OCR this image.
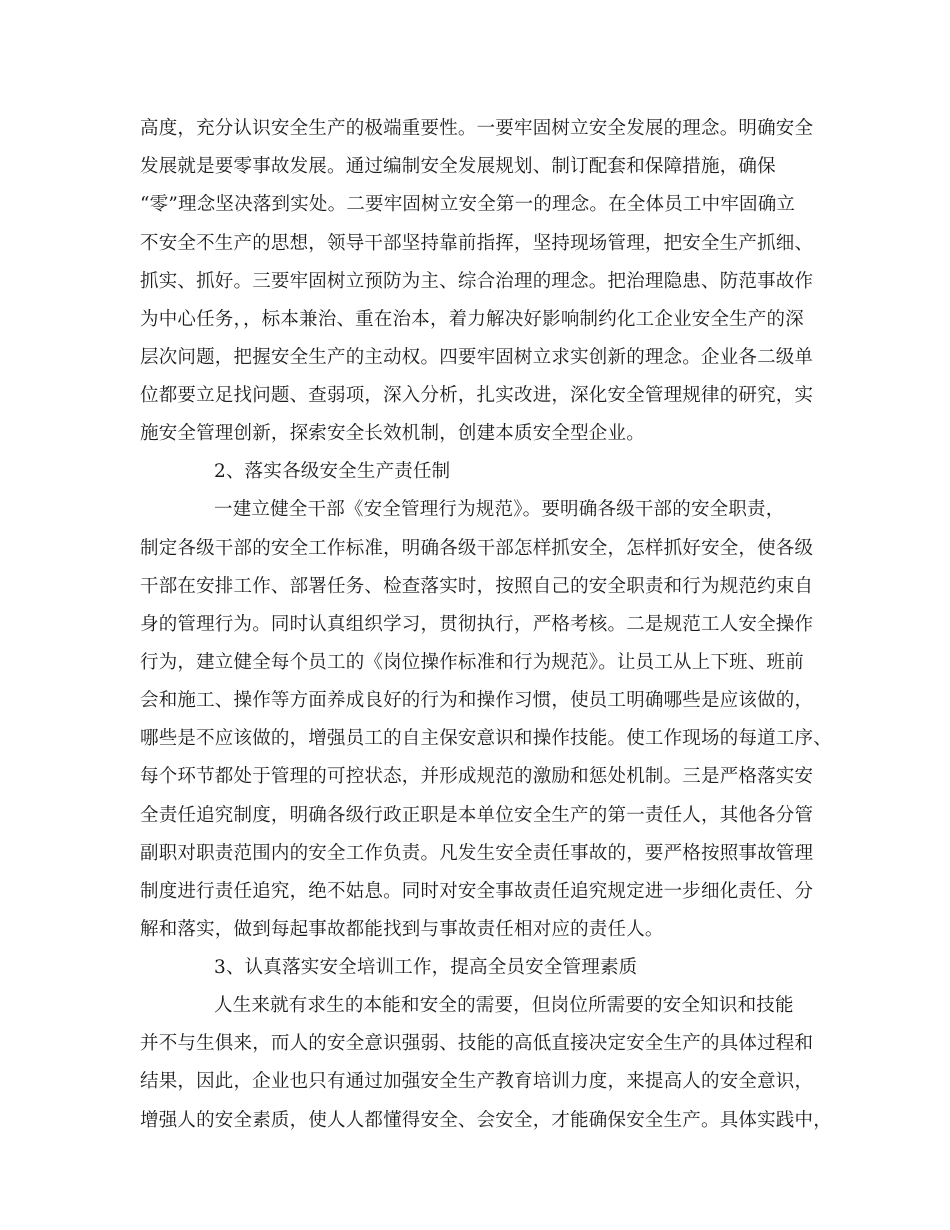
高度，充分认识安全生产的极端重要性。一要牢固树立安全发展的理念。明确安全
发展就是要零事故发展。通过编制安全发展规划、制订配套和保障措施，确保
“零”理念坚决落到实处。二要牢固树立安全第一的理念。在全体员工中牢固确立
不安全不生产的思想，领导干部坚持靠前指挥，坚持现场管理，把安全生产抓细、
抓实、抓好。三要牢固树立预防为主、综合治理的理念。把治理隐患、防范事故作
为中心任务，，标本兼治、重在治本，着力解决好影响制约化工企业安全生产的深
层次问题，把握安全生产的主动权。四要牢固树立求实创新的理念。企业各二级单
位都要立足找问题、查弱项，深入分析，扎实改进，深化安全管理规律的研究，实
施安全管理创新，探索安全长效机制，创建本质安全型企业。
2、落实各级安全生产责任制
一建立健全干部《安全管理行为规范》。要明确各级干部的安全职责，
制定各级干部的安全工作标准，明确各级干部怎样抓安全，怎样抓好安全，使各级
干部在安排工作、部署任务、检查落实时，按照自己的安全职责和行为规范约束自
身的管理行为。同时认真组织学习，贯彻执行，严格考核。二是规范工人安全操作
行为，建立健全每个员工的《岗位操作标准和行为规范》。让员工从上下班、班前
会和施工、操作等方面养成良好的行为和操作习惯，使员工明确哪些是应该做的，
哪些是不应该做的，增强员工的自主保安意识和操作技能。使工作现场的每道工序、
每个环节都处于管理的可控状态，并形成规范的激励和惩处机制。三是严格落实安
全责任追究制度，明确各级行政正职是本单位安全生产的第一责任人，其他各分管
副职对职责范围内的安全工作负责。凡发生安全责任事故的，要严格按照事故管理
制度进行责任追究，绝不姑息。同时对安全事故责任追究规定进一步细化责任、分
解和落实，做到每起事故都能找到与事故责任相对应的责任人。
3、认真落实安全培训工作，提高全员安全管理素质
人生来就有求生的本能和安全的需要，但岗位所需要的安全知识和技能
并不与生俱来，而人的安全意识强弱、技能的高低直接决定安全生产的具体过程和
结果，因此，企业也只有通过加强安全生产教育培训力度，来提高人的安全意识，
增强人的安全素质，使人人都懂得安全、会安全，才能确保安全生产。具体实践中，
